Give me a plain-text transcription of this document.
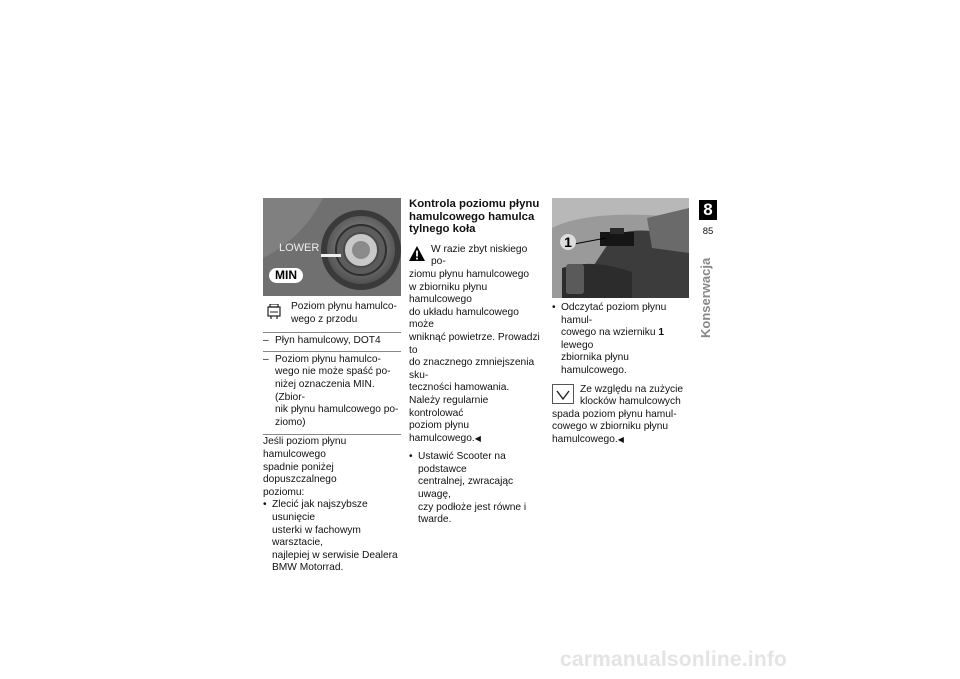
LOWER
MIN
Poziom płynu hamulco-wego z przodu
– Płyn hamulcowy, DOT4
– Poziom płynu hamulco-
wego nie może spaść po-
niżej oznaczenia MIN. (Zbior-
nik płynu hamulcowego po-
ziomo)
Jeśli poziom płynu hamulcowego
spadnie poniżej dopuszczalnego
poziomu:
• Zlecić jak najszybsze usunięcie
usterki w fachowym warsztacie,
najlepiej w serwisie Dealera
BMW Motorrad.
Kontrola poziomu płynu
hamulcowego hamulca
tylnego koła
W razie zbyt niskiego po-
ziomu płynu hamulcowego
w zbiorniku płynu hamulcowego
do układu hamulcowego może
wniknąć powietrze. Prowadzi to
do znacznego zmniejszenia sku-
teczności hamowania.
Należy regularnie kontrolować
poziom płynu hamulcowego.◀
• Ustawić Scooter na podstawce
centralnej, zwracając uwagę,
czy podłoże jest równe i
twarde.
1
• Odczytać poziom płynu hamul-
cowego na wzierniku 1 lewego
zbiornika płynu hamulcowego.
Ze względu na zużycie
klocków hamulcowych
spada poziom płynu hamul-
cowego w zbiorniku płynu
hamulcowego.◀
8
85
Konserwacja
carmanualsonline.info
